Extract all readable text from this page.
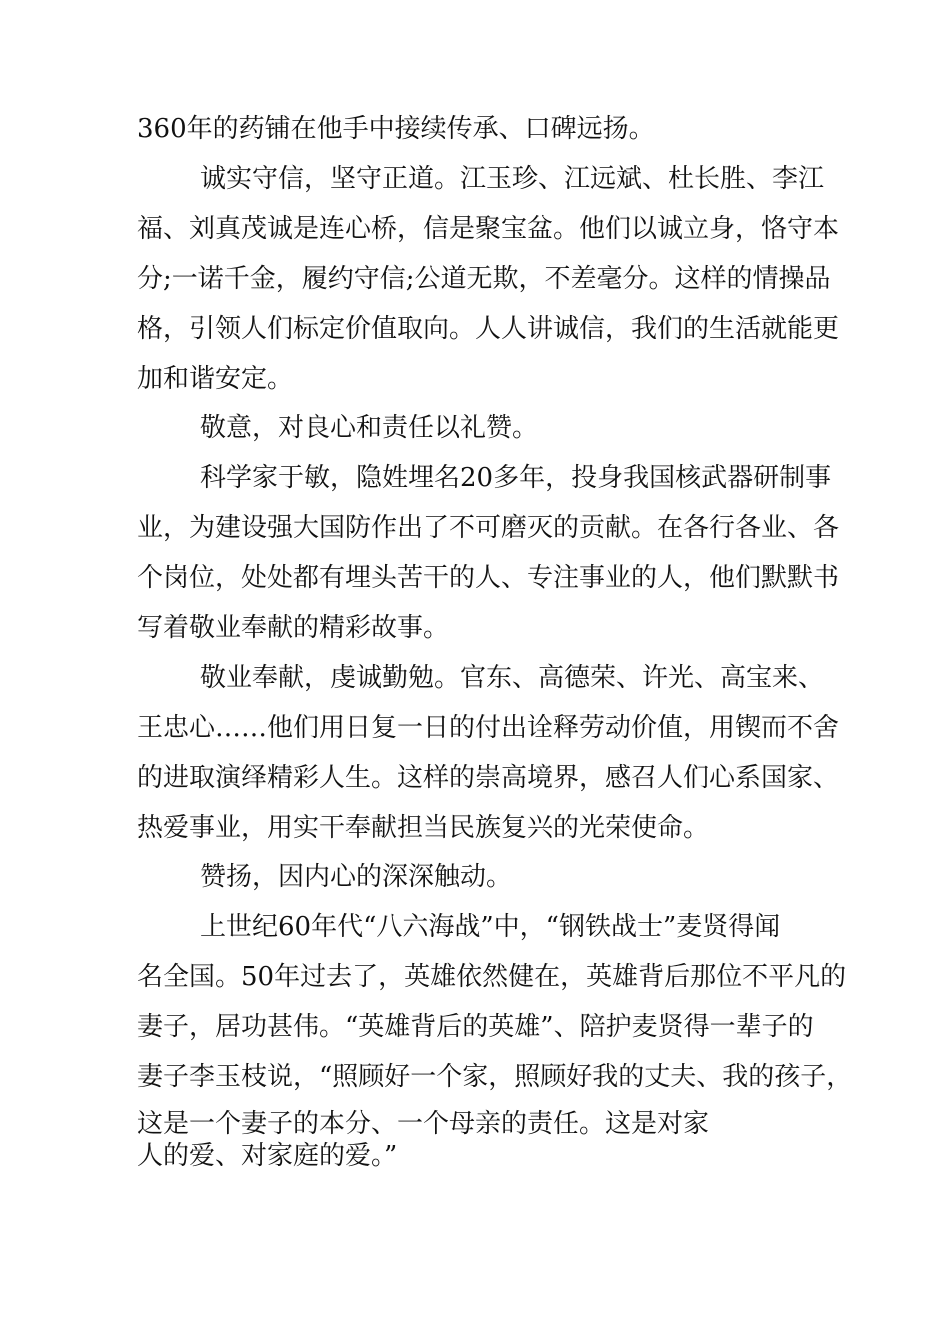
360年的药铺在他手中接续传承、口碑远扬。
诚实守信，坚守正道。江玉珍、江远斌、杜长胜、李江
福、刘真茂诚是连心桥，信是聚宝盆。他们以诚立身，恪守本
分;一诺千金，履约守信;公道无欺，不差毫分。这样的情操品
格，引领人们标定价值取向。人人讲诚信，我们的生活就能更
加和谐安定。
敬意，对良心和责任以礼赞。
科学家于敏，隐姓埋名20多年，投身我国核武器研制事
业，为建设强大国防作出了不可磨灭的贡献。在各行各业、各
个岗位，处处都有埋头苦干的人、专注事业的人，他们默默书
写着敬业奉献的精彩故事。
敬业奉献，虔诚勤勉。官东、高德荣、许光、高宝来、
王忠心……他们用日复一日的付出诠释劳动价值，用锲而不舍
的进取演绎精彩人生。这样的崇高境界，感召人们心系国家、
热爱事业，用实干奉献担当民族复兴的光荣使命。
赞扬，因内心的深深触动。
上世纪60年代“八六海战”中，“钢铁战士”麦贤得闻
名全国。50年过去了，英雄依然健在，英雄背后那位不平凡的
妻子，居功甚伟。“英雄背后的英雄”、陪护麦贤得一辈子的
妻子李玉枝说，“照顾好一个家，照顾好我的丈夫、我的孩子，
这是一个妻子的本分、一个母亲的责任。这是对家
人的爱、对家庭的爱。”
